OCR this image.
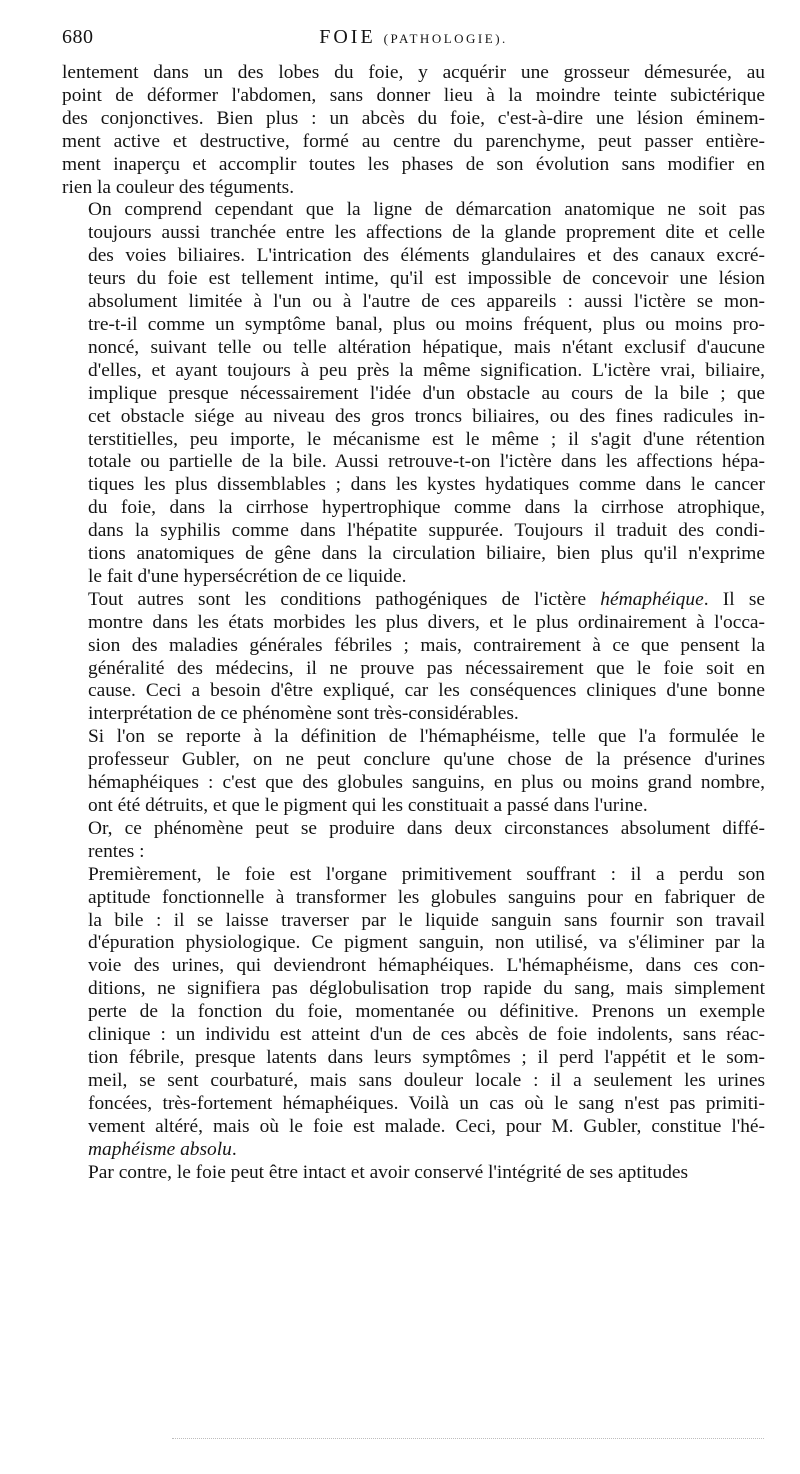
680	FOIE (PATHOLOGIE).

lentement dans un des lobes du foie, y acquérir une grosseur démesurée, au
point de déformer l'abdomen, sans donner lieu à la moindre teinte subictérique
des conjonctives. Bien plus : un abcès du foie, c'est-à-dire une lésion éminem-
ment active et destructive, formé au centre du parenchyme, peut passer entière-
ment inaperçu et accomplir toutes les phases de son évolution sans modifier en
rien la couleur des téguments.

On comprend cependant que la ligne de démarcation anatomique ne soit pas
toujours aussi tranchée entre les affections de la glande proprement dite et celle
des voies biliaires. L'intrication des éléments glandulaires et des canaux excré-
teurs du foie est tellement intime, qu'il est impossible de concevoir une lésion
absolument limitée à l'un ou à l'autre de ces appareils : aussi l'ictère se mon-
tre-t-il comme un symptôme banal, plus ou moins fréquent, plus ou moins pro-
noncé, suivant telle ou telle altération hépatique, mais n'étant exclusif d'aucune
d'elles, et ayant toujours à peu près la même signification. L'ictère vrai, biliaire,
implique presque nécessairement l'idée d'un obstacle au cours de la bile ; que
cet obstacle siége au niveau des gros troncs biliaires, ou des fines radicules in-
terstitielles, peu importe, le mécanisme est le même ; il s'agit d'une rétention
totale ou partielle de la bile. Aussi retrouve-t-on l'ictère dans les affections hépa-
tiques les plus dissemblables ; dans les kystes hydatiques comme dans le cancer
du foie, dans la cirrhose hypertrophique comme dans la cirrhose atrophique,
dans la syphilis comme dans l'hépatite suppurée. Toujours il traduit des condi-
tions anatomiques de gêne dans la circulation biliaire, bien plus qu'il n'exprime
le fait d'une hypersécrétion de ce liquide.

Tout autres sont les conditions pathogéniques de l'ictère hémaphéique. Il se
montre dans les états morbides les plus divers, et le plus ordinairement à l'occa-
sion des maladies générales fébriles ; mais, contrairement à ce que pensent la
généralité des médecins, il ne prouve pas nécessairement que le foie soit en
cause. Ceci a besoin d'être expliqué, car les conséquences cliniques d'une bonne
interprétation de ce phénomène sont très-considérables.

Si l'on se reporte à la définition de l'hémaphéisme, telle que l'a formulée le
professeur Gubler, on ne peut conclure qu'une chose de la présence d'urines
hémaphéiques : c'est que des globules sanguins, en plus ou moins grand nombre,
ont été détruits, et que le pigment qui les constituait a passé dans l'urine.

Or, ce phénomène peut se produire dans deux circonstances absolument diffé-
rentes :

Premièrement, le foie est l'organe primitivement souffrant : il a perdu son
aptitude fonctionnelle à transformer les globules sanguins pour en fabriquer de
la bile : il se laisse traverser par le liquide sanguin sans fournir son travail
d'épuration physiologique. Ce pigment sanguin, non utilisé, va s'éliminer par la
voie des urines, qui deviendront hémaphéiques. L'hémaphéisme, dans ces con-
ditions, ne signifiera pas déglobulisation trop rapide du sang, mais simplement
perte de la fonction du foie, momentanée ou définitive. Prenons un exemple
clinique : un individu est atteint d'un de ces abcès de foie indolents, sans réac-
tion fébrile, presque latents dans leurs symptômes ; il perd l'appétit et le som-
meil, se sent courbaturé, mais sans douleur locale : il a seulement les urines
foncées, très-fortement hémaphéiques. Voilà un cas où le sang n'est pas primiti-
vement altéré, mais où le foie est malade. Ceci, pour M. Gubler, constitue l'hé-
maphéisme absolu.

Par contre, le foie peut être intact et avoir conservé l'intégrité de ses aptitudes
